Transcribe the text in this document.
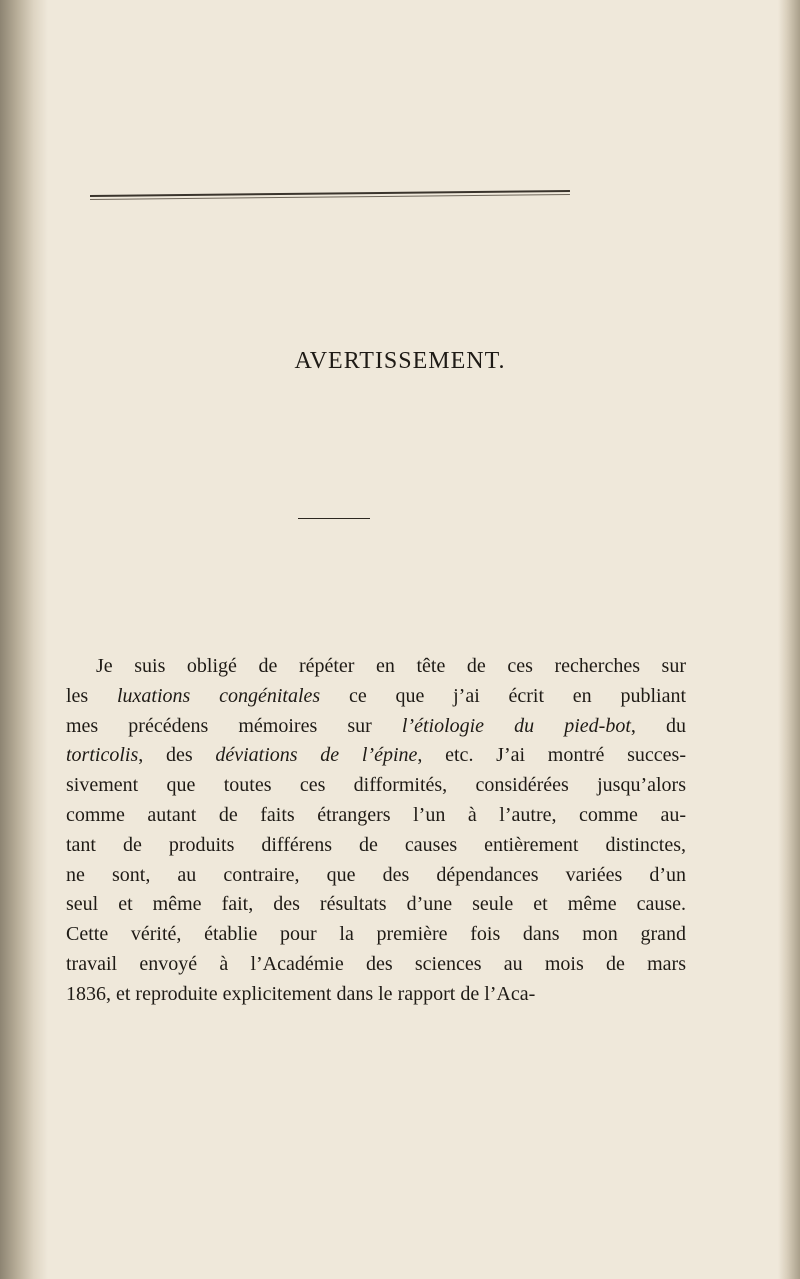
AVERTISSEMENT.

Je suis obligé de répéter en tête de ces recherches sur
les luxations congénitales ce que j’ai écrit en publiant
mes précédens mémoires sur l’étiologie du pied-bot, du
torticolis, des déviations de l’épine, etc. J’ai montré succes-
sivement que toutes ces difformités, considérées jusqu’alors
comme autant de faits étrangers l’un à l’autre, comme au-
tant de produits différens de causes entièrement distinctes,
ne sont, au contraire, que des dépendances variées d’un
seul et même fait, des résultats d’une seule et même cause.
Cette vérité, établie pour la première fois dans mon grand
travail envoyé à l’Académie des sciences au mois de mars
1836, et reproduite explicitement dans le rapport de l’Aca-
